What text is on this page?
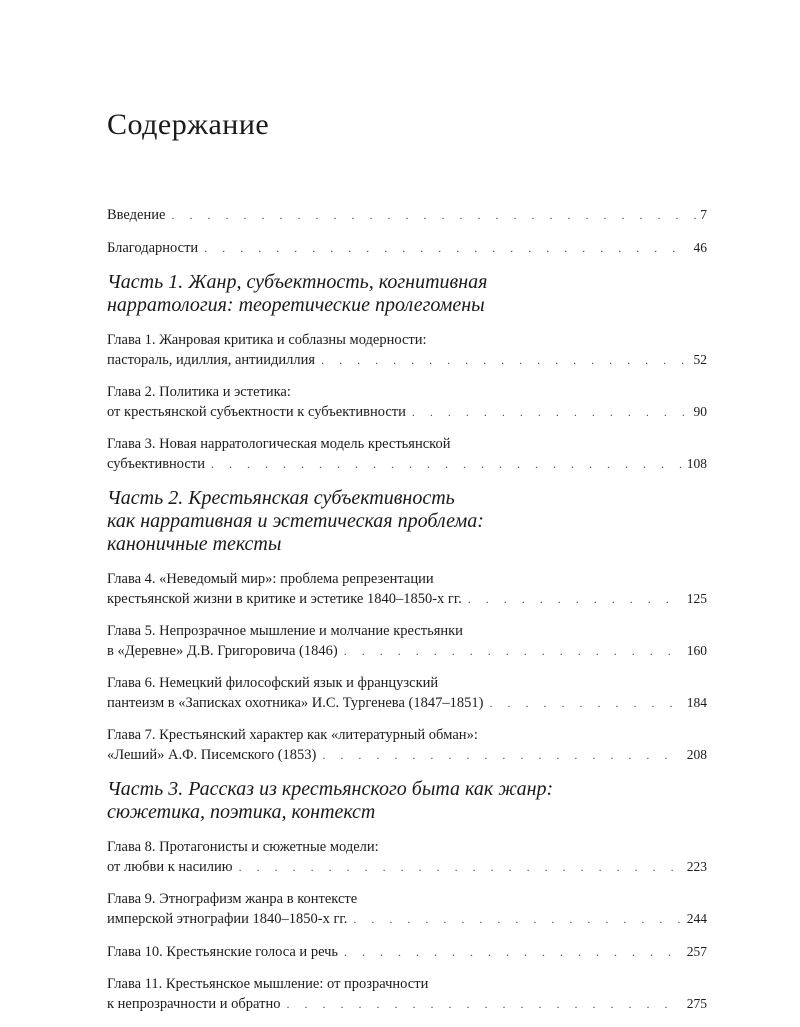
Содержание
Введение . . .	7
Благодарности . . .	46
Часть 1. Жанр, субъектность, когнитивная
нарратология: теоретические пролегомены
Глава 1. Жанровая критика и соблазны модерности:
пастораль, идиллия, антиидиллия . . .	52
Глава 2. Политика и эстетика:
от крестьянской субъектности к субъективности . . .	90
Глава 3. Новая нарратологическая модель крестьянской
субъективности . . .	108
Часть 2. Крестьянская субъективность
как нарративная и эстетическая проблема:
каноничные тексты
Глава 4. «Неведомый мир»: проблема репрезентации
крестьянской жизни в критике и эстетике 1840–1850-х гг. . . .	125
Глава 5. Непрозрачное мышление и молчание крестьянки
в «Деревне» Д.В. Григоровича (1846) . . .	160
Глава 6. Немецкий философский язык и французский
пантеизм в «Записках охотника» И.С. Тургенева (1847–1851) . . .	184
Глава 7. Крестьянский характер как «литературный обман»:
«Леший» А.Ф. Писемского (1853) . . .	208
Часть 3. Рассказ из крестьянского быта как жанр:
сюжетика, поэтика, контекст
Глава 8. Протагонисты и сюжетные модели:
от любви к насилию . . .	223
Глава 9. Этнографизм жанра в контексте
имперской этнографии 1840–1850-х гг. . . .	244
Глава 10. Крестьянские голоса и речь . . .	257
Глава 11. Крестьянское мышление: от прозрачности
к непрозрачности и обратно . . .	275
